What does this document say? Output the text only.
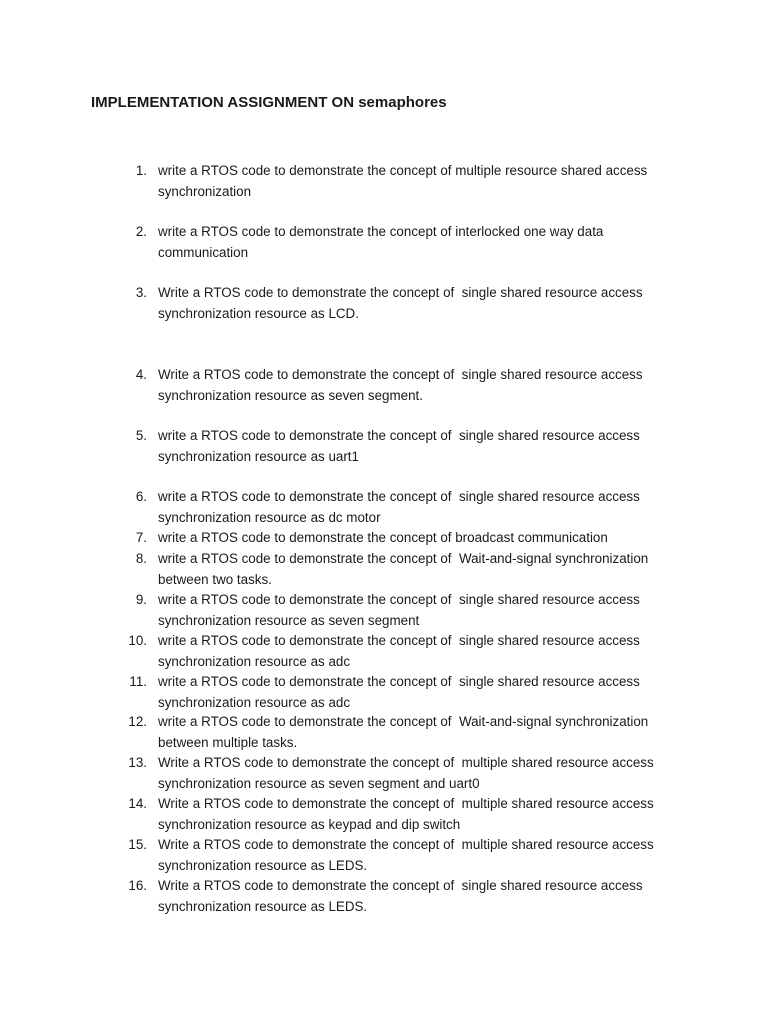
IMPLEMENTATION ASSIGNMENT ON semaphores
1. write a RTOS code to demonstrate the concept of multiple resource shared access
synchronization
2. write a RTOS code to demonstrate the concept of interlocked one way data
communication
3. Write a RTOS code to demonstrate the concept of  single shared resource access
synchronization resource as LCD.
4. Write a RTOS code to demonstrate the concept of  single shared resource access
synchronization resource as seven segment.
5. write a RTOS code to demonstrate the concept of  single shared resource access
synchronization resource as uart1
6. write a RTOS code to demonstrate the concept of  single shared resource access
synchronization resource as dc motor
7. write a RTOS code to demonstrate the concept of broadcast communication
8. write a RTOS code to demonstrate the concept of  Wait-and-signal synchronization
between two tasks.
9. write a RTOS code to demonstrate the concept of  single shared resource access
synchronization resource as seven segment
10. write a RTOS code to demonstrate the concept of  single shared resource access
synchronization resource as adc
11. write a RTOS code to demonstrate the concept of  single shared resource access
synchronization resource as adc
12. write a RTOS code to demonstrate the concept of  Wait-and-signal synchronization
between multiple tasks.
13. Write a RTOS code to demonstrate the concept of  multiple shared resource access
synchronization resource as seven segment and uart0
14. Write a RTOS code to demonstrate the concept of  multiple shared resource access
synchronization resource as keypad and dip switch
15. Write a RTOS code to demonstrate the concept of  multiple shared resource access
synchronization resource as LEDS.
16. Write a RTOS code to demonstrate the concept of  single shared resource access
synchronization resource as LEDS.
